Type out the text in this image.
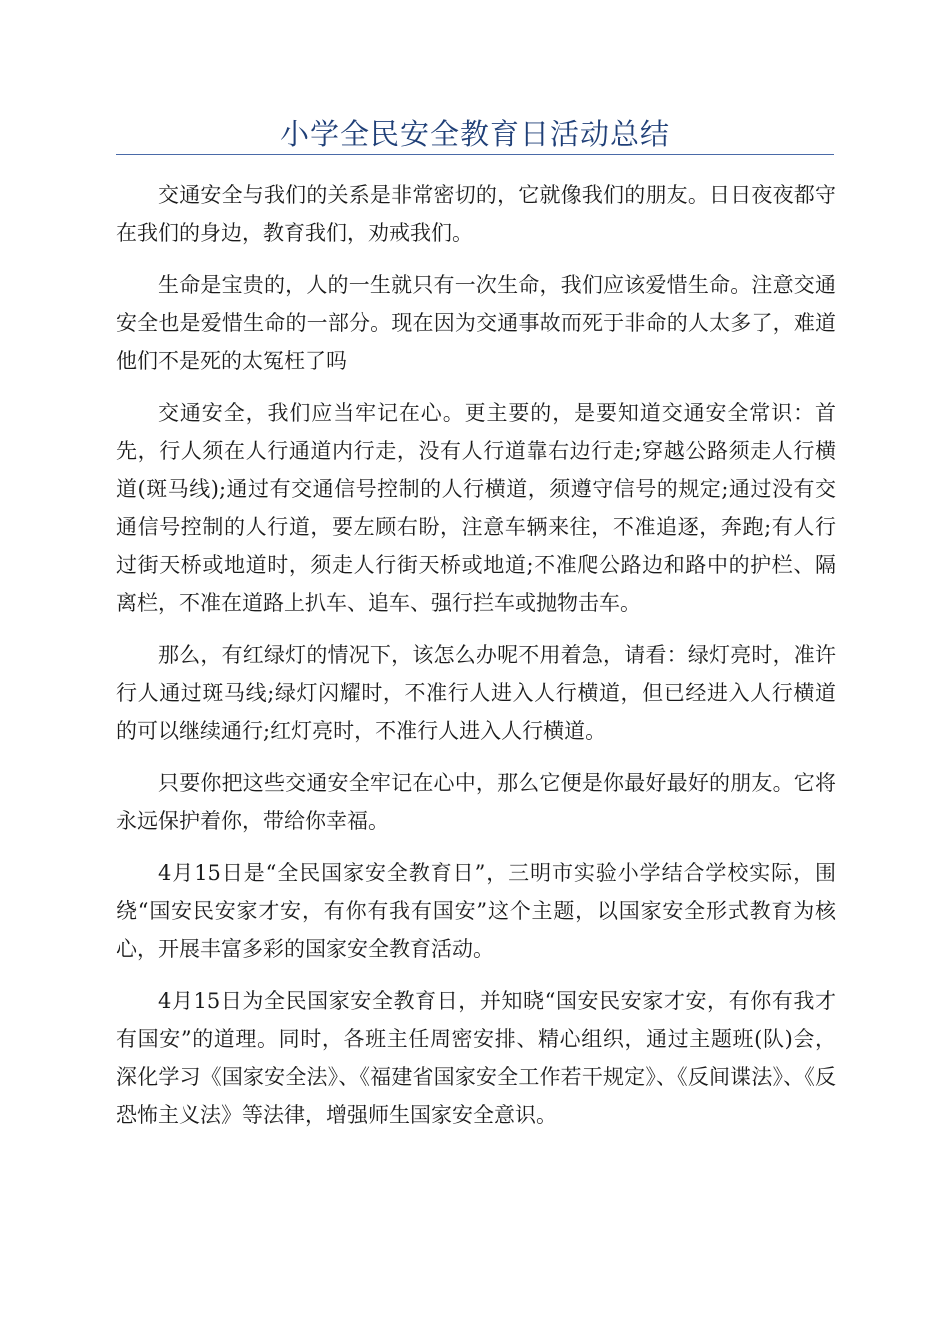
小学全民安全教育日活动总结

交通安全与我们的关系是非常密切的，它就像我们的朋友。日日夜夜都守在我们的身边，教育我们，劝戒我们。

生命是宝贵的，人的一生就只有一次生命，我们应该爱惜生命。注意交通安全也是爱惜生命的一部分。现在因为交通事故而死于非命的人太多了，难道他们不是死的太冤枉了吗

交通安全，我们应当牢记在心。更主要的，是要知道交通安全常识：首先，行人须在人行通道内行走，没有人行道靠右边行走;穿越公路须走人行横道(斑马线);通过有交通信号控制的人行横道，须遵守信号的规定;通过没有交通信号控制的人行道，要左顾右盼，注意车辆来往，不准追逐，奔跑;有人行过街天桥或地道时，须走人行街天桥或地道;不准爬公路边和路中的护栏、隔离栏，不准在道路上扒车、追车、强行拦车或抛物击车。

那么，有红绿灯的情况下，该怎么办呢不用着急，请看：绿灯亮时，准许行人通过斑马线;绿灯闪耀时，不准行人进入人行横道，但已经进入人行横道的可以继续通行;红灯亮时，不准行人进入人行横道。

只要你把这些交通安全牢记在心中，那么它便是你最好最好的朋友。它将永远保护着你，带给你幸福。

4月15日是“全民国家安全教育日”，三明市实验小学结合学校实际，围绕“国安民安家才安，有你有我有国安”这个主题，以国家安全形式教育为核心，开展丰富多彩的国家安全教育活动。

4月15日为全民国家安全教育日，并知晓“国安民安家才安，有你有我才有国安”的道理。同时，各班主任周密安排、精心组织，通过主题班(队)会，深化学习《国家安全法》、《福建省国家安全工作若干规定》、《反间谍法》、《反恐怖主义法》等法律，增强师生国家安全意识。
